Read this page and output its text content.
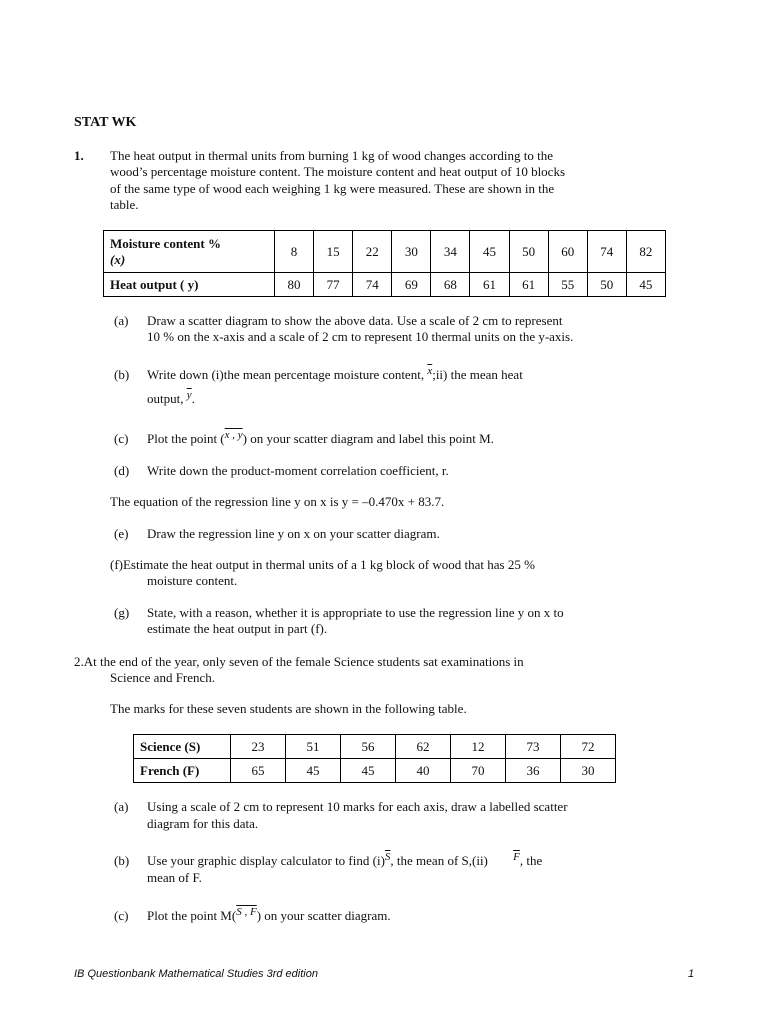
STAT WK
1. The heat output in thermal units from burning 1 kg of wood changes according to the
wood’s percentage moisture content. The moisture content and heat output of 10 blocks
of the same type of wood each weighing 1 kg were measured. These are shown in the
table.
Moisture content %
(x)	8	15	22	30	34	45	50	60	74	82
Heat output ( y)	80	77	74	69	68	61	61	55	50	45
(a) Draw a scatter diagram to show the above data. Use a scale of 2 cm to represent
10 % on the x-axis and a scale of 2 cm to represent 10 thermal units on the y-axis.
(b) Write down (i)the mean percentage moisture content, $^{\overline{x}}$;ii) the mean heat
output, $^{\overline{y}}$.
(c) Plot the point ($^{x , y}$) on your scatter diagram and label this point M.
(d) Write down the product-moment correlation coefficient, r.
The equation of the regression line y on x is y = –0.470x + 83.7.
(e) Draw the regression line y on x on your scatter diagram.
(f)Estimate the heat output in thermal units of a 1 kg block of wood that has 25 %
moisture content.
(g) State, with a reason, whether it is appropriate to use the regression line y on x to
estimate the heat output in part (f).
2.At the end of the year, only seven of the female Science students sat examinations in
Science and French.
The marks for these seven students are shown in the following table.
Science (S)	23	51	56	62	12	73	72
French (F)	65	45	45	40	70	36	30
(a) Using a scale of 2 cm to represent 10 marks for each axis, draw a labelled scatter
diagram for this data.
(b) Use your graphic display calculator to find $(i)^{\overline{S}}$, the mean of S,(ii) $^{\overline{F}}$, the
mean of F.
(c) Plot the point M($^{S , F}$) on your scatter diagram.
IB Questionbank Mathematical Studies 3rd edition	1
